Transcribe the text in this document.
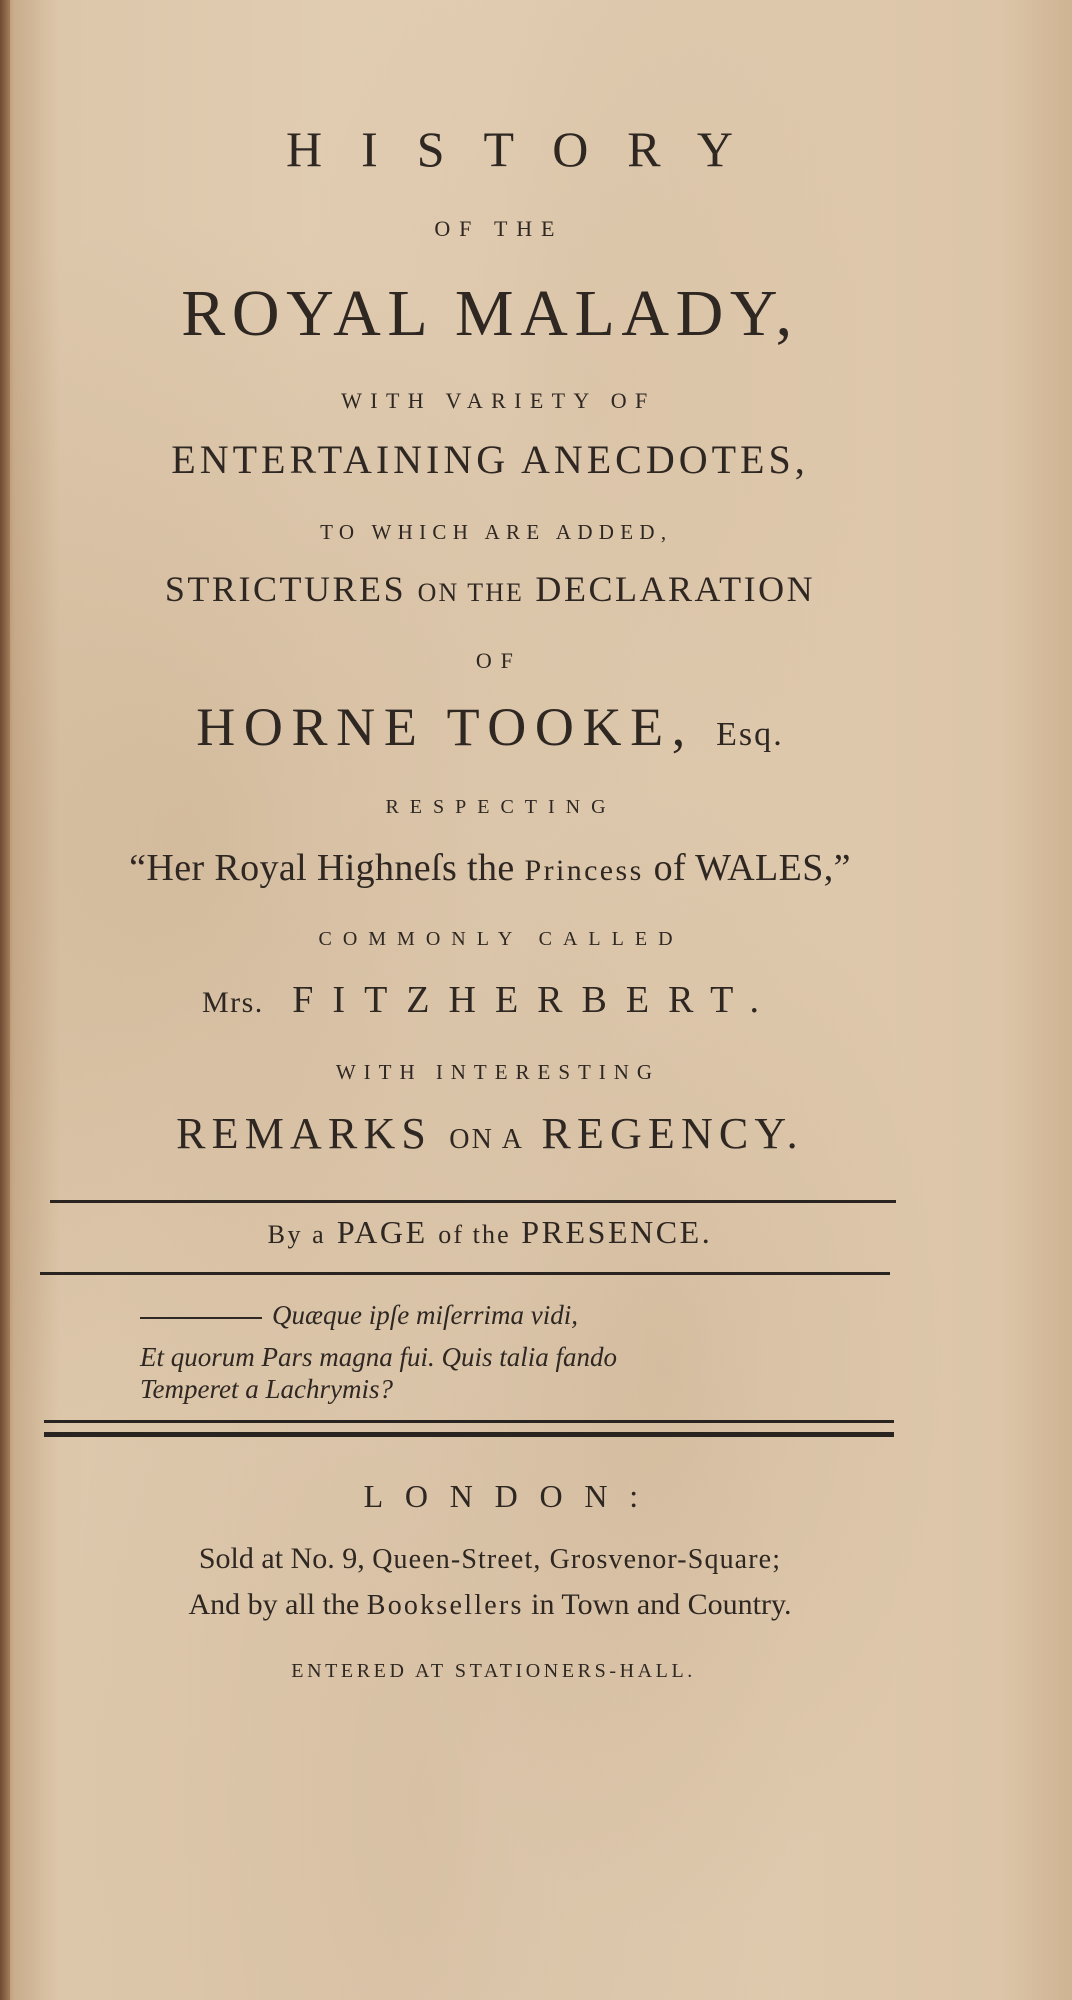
HISTORY
OF THE
ROYAL MALADY,
WITH VARIETY OF
ENTERTAINING ANECDOTES,
TO WHICH ARE ADDED,
STRICTURES ON THE DECLARATION
OF
HORNE TOOKE, Esq.
RESPECTING
“Her Royal Highneſs the Princess of WALES,”
COMMONLY CALLED
Mrs. FITZHERBERT.
WITH INTERESTING
REMARKS ON A REGENCY.
By a PAGE of the PRESENCE.
Quæque ipſe miſerrima vidi,
Et quorum Pars magna fui. Quis talia fando
Temperet a Lachrymis?
LONDON:
Sold at No. 9, Queen-Street, Grosvenor-Square;
And by all the Booksellers in Town and Country.
ENTERED AT STATIONERS-HALL.
